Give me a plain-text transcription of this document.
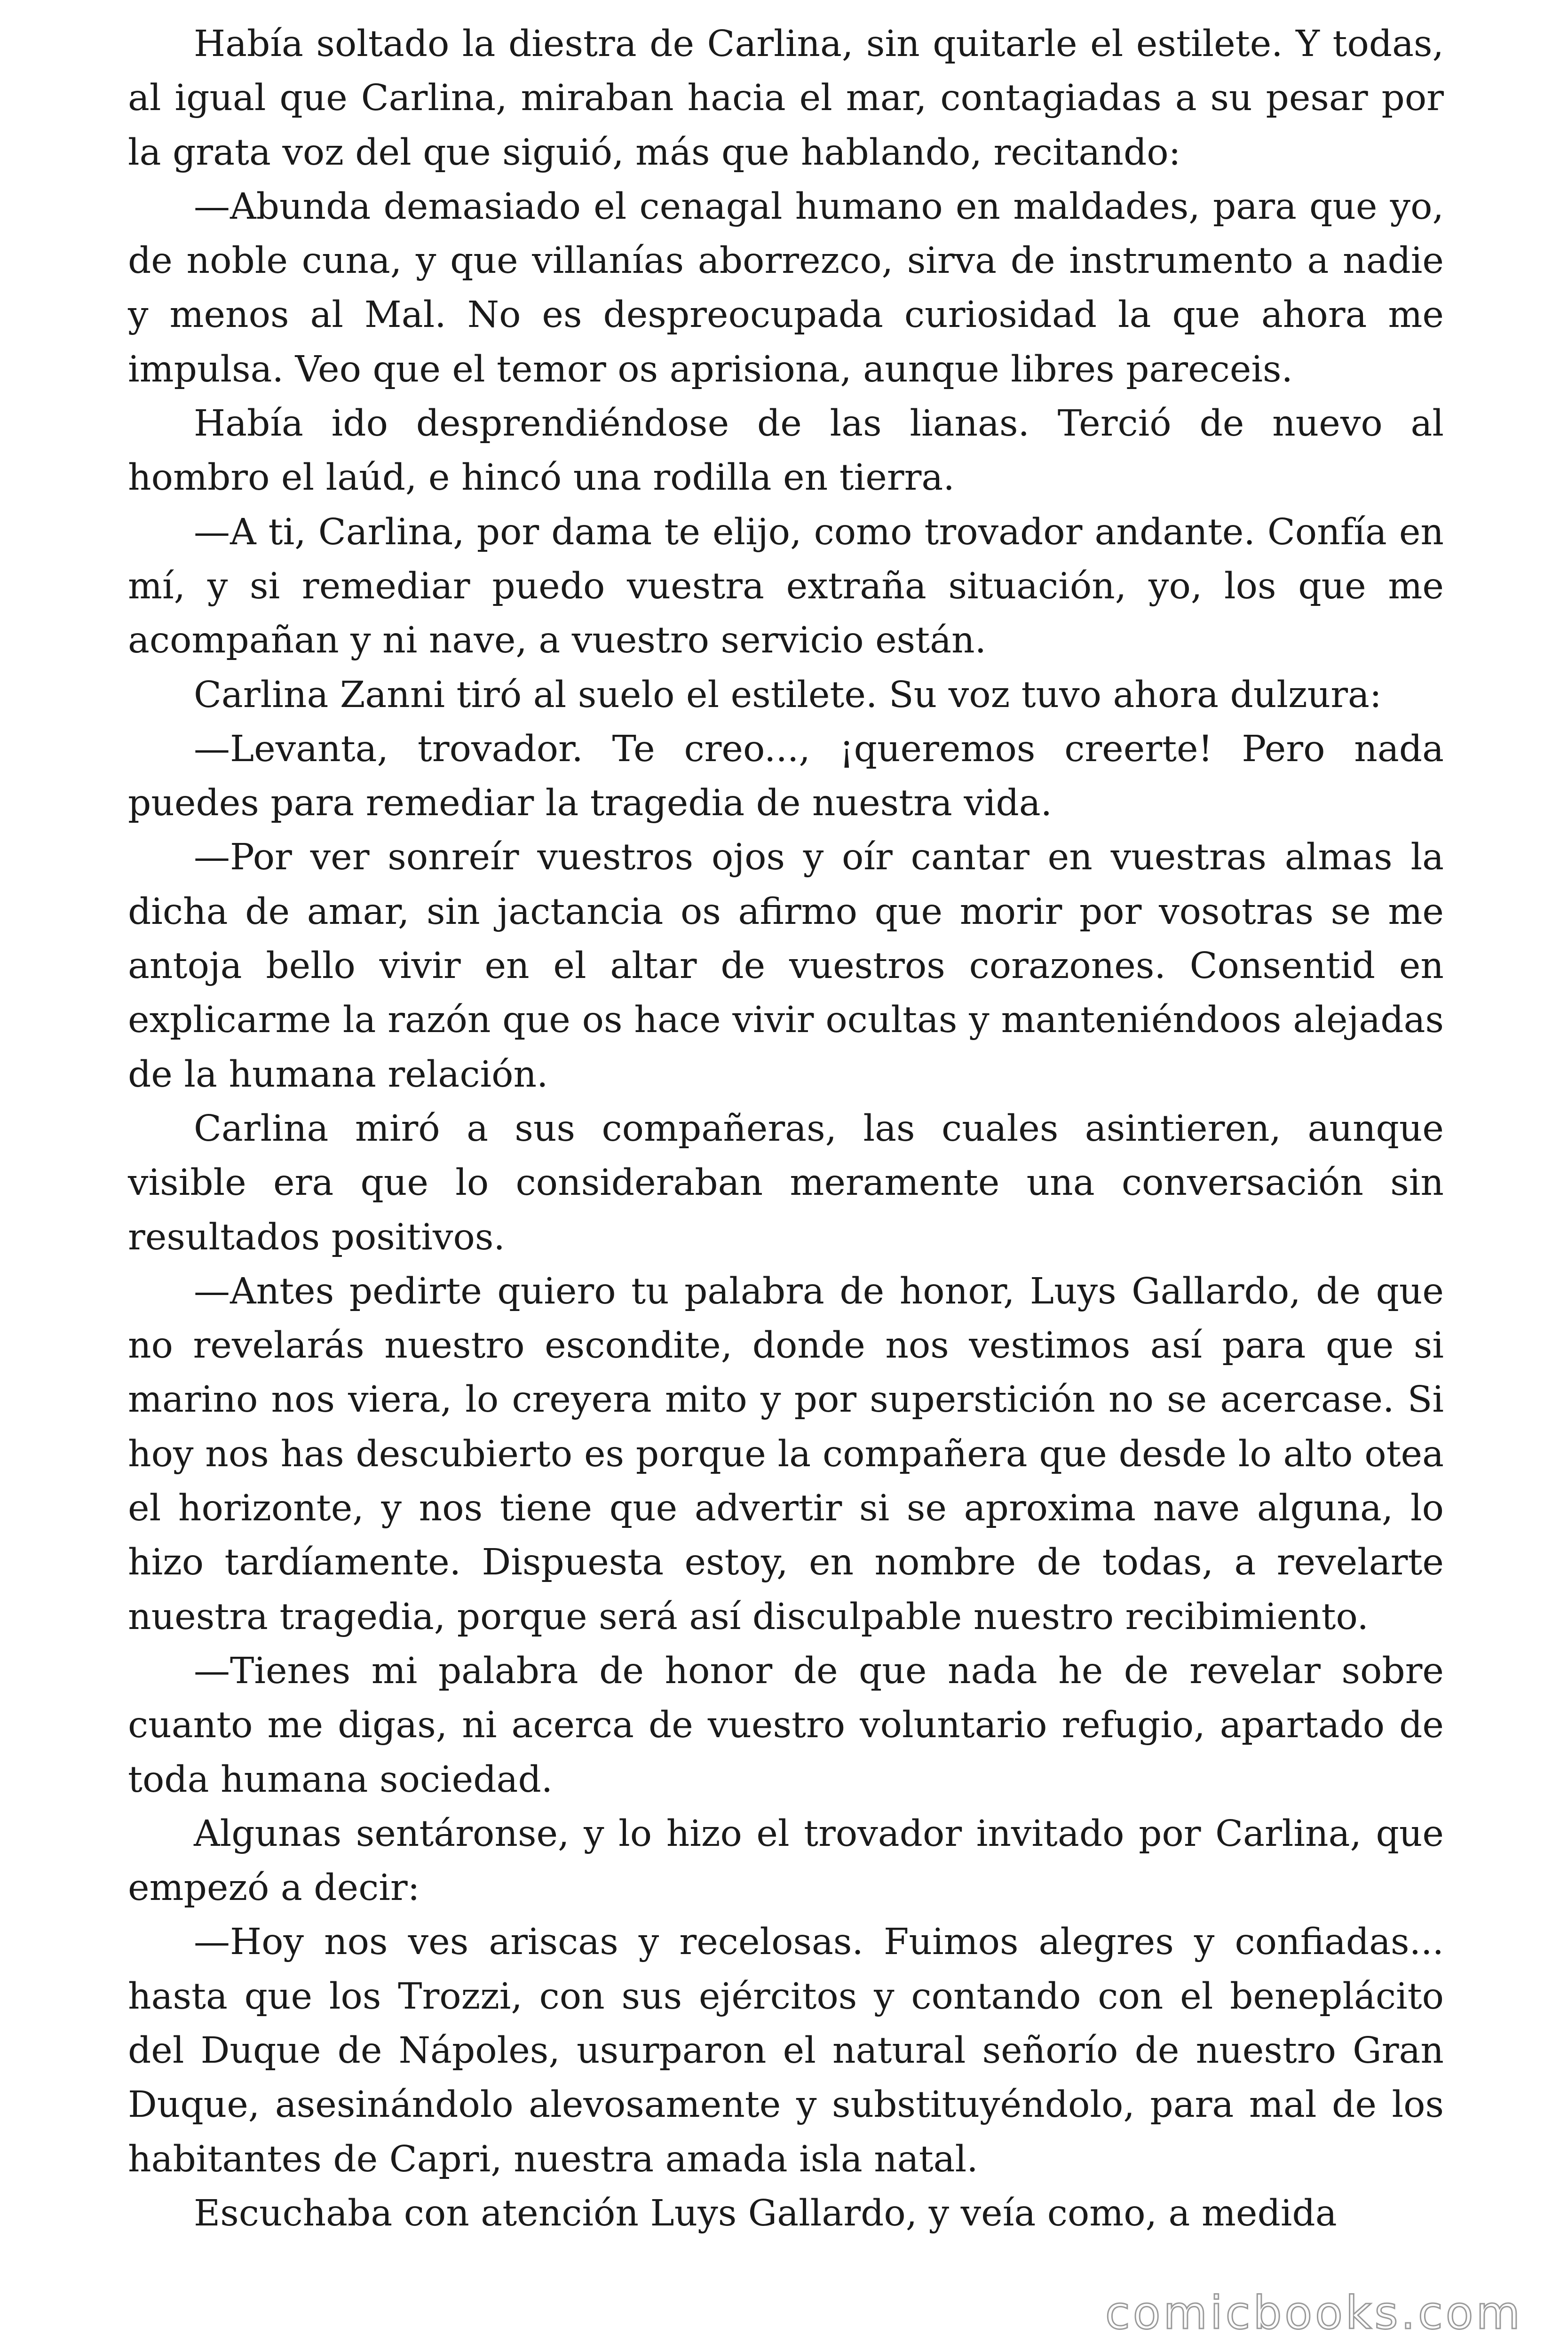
Había soltado la diestra de Carlina, sin quitarle el estilete. Y todas, al igual que Carlina, miraban hacia el mar, contagiadas a su pesar por la grata voz del que siguió, más que hablando, recitando:

—Abunda demasiado el cenagal humano en maldades, para que yo, de noble cuna, y que villanías aborrezco, sirva de instrumento a nadie y menos al Mal. No es despreocupada curiosidad la que ahora me impulsa. Veo que el temor os aprisiona, aunque libres pareceis.

Había ido desprendiéndose de las lianas. Terció de nuevo al hombro el laúd, e hincó una rodilla en tierra.

—A ti, Carlina, por dama te elijo, como trovador andante. Confía en mí, y si remediar puedo vuestra extraña situación, yo, los que me acompañan y ni nave, a vuestro servicio están.

Carlina Zanni tiró al suelo el estilete. Su voz tuvo ahora dulzura:

—Levanta, trovador. Te creo..., ¡queremos creerte! Pero nada puedes para remediar la tragedia de nuestra vida.

—Por ver sonreír vuestros ojos y oír cantar en vuestras almas la dicha de amar, sin jactancia os afirmo que morir por vosotras se me antoja bello vivir en el altar de vuestros corazones. Consentid en explicarme la razón que os hace vivir ocultas y manteniéndoos alejadas de la humana relación.

Carlina miró a sus compañeras, las cuales asintieren, aunque visible era que lo consideraban meramente una conversación sin resultados positivos.

—Antes pedirte quiero tu palabra de honor, Luys Gallardo, de que no revelarás nuestro escondite, donde nos vestimos así para que si marino nos viera, lo creyera mito y por superstición no se acercase. Si hoy nos has descubierto es porque la compañera que desde lo alto otea el horizonte, y nos tiene que advertir si se aproxima nave alguna, lo hizo tardíamente. Dispuesta estoy, en nombre de todas, a revelarte nuestra tragedia, porque será así disculpable nuestro recibimiento.

—Tienes mi palabra de honor de que nada he de revelar sobre cuanto me digas, ni acerca de vuestro voluntario refugio, apartado de toda humana sociedad.

Algunas sentáronse, y lo hizo el trovador invitado por Carlina, que empezó a decir:

—Hoy nos ves ariscas y recelosas. Fuimos alegres y confiadas... hasta que los Trozzi, con sus ejércitos y contando con el beneplácito del Duque de Nápoles, usurparon el natural señorío de nuestro Gran Duque, asesinándolo alevosamente y substituyéndolo, para mal de los habitantes de Capri, nuestra amada isla natal.

Escuchaba con atención Luys Gallardo, y veía como, a medida

comicbooks.com
